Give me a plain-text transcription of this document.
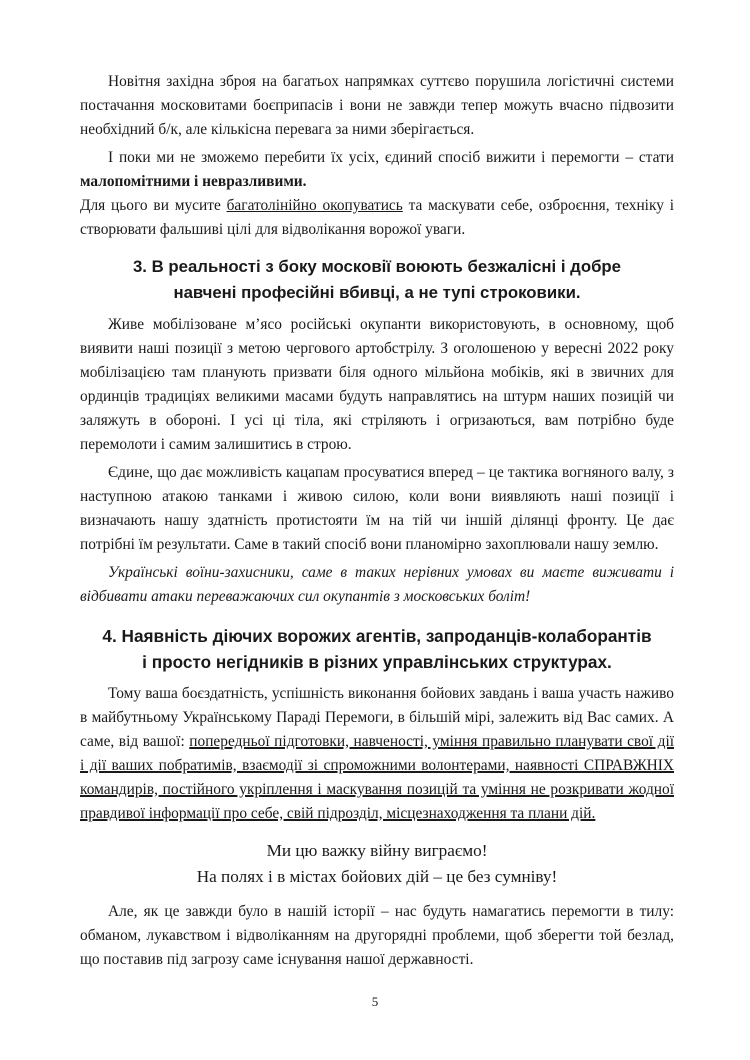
Новітня західна зброя на багатьох напрямках суттєво порушила логістичні системи постачання московитами боєприпасів і вони не завжди тепер можуть вчасно підвозити необхідний б/к, але кількісна перевага за ними зберігається.

І поки ми не зможемо перебити їх усіх, єдиний спосіб вижити і перемогти – стати малопомітними і невразливими.

Для цього ви мусите багатолінійно окопуватись та маскувати себе, озброєння, техніку і створювати фальшиві цілі для відволікання ворожої уваги.

3. В реальності з боку московії воюють безжалісні і добре
навчені професійні вбивці, а не тупі строковики.

Живе мобілізоване м’ясо російські окупанти використовують, в основному, щоб виявити наші позиції з метою чергового артобстрілу. З оголошеною у вересні 2022 року мобілізацією там планують призвати біля одного мільйона мобіків, які в звичних для ординців традиціях великими масами будуть направлятись на штурм наших позицій чи заляжуть в обороні. І усі ці тіла, які стріляють і огризаються, вам потрібно буде перемолоти і самим залишитись в строю.

Єдине, що дає можливість кацапам просуватися вперед – це тактика вогняного валу, з наступною атакою танками і живою силою, коли вони виявляють наші позиції і визначають нашу здатність протистояти їм на тій чи іншій ділянці фронту. Це дає потрібні їм результати. Саме в такий спосіб вони планомірно захоплювали нашу землю.

Українські воїни-захисники, саме в таких нерівних умовах ви маєте виживати і відбивати атаки переважаючих сил окупантів з московських боліт!

4. Наявність діючих ворожих агентів, запроданців-колаборантів
і просто негідників в різних управлінських структурах.

Тому ваша боєздатність, успішність виконання бойових завдань і ваша участь наживо в майбутньому Українському Параді Перемоги, в більшій мірі, залежить від Вас самих. А саме, від вашої: попередньої підготовки, навченості, уміння правильно планувати свої дії і дії ваших побратимів, взаємодії зі спроможними волонтерами, наявності СПРАВЖНІХ командирів, постійного укріплення і маскування позицій та уміння не розкривати жодної правдивої інформації про себе, свій підрозділ, місцезнаходження та плани дій.

Ми цю важку війну виграємо!
На полях і в містах бойових дій – це без сумніву!

Але, як це завжди було в нашій історії – нас будуть намагатись перемогти в тилу: обманом, лукавством і відволіканням на другорядні проблеми, щоб зберегти той безлад, що поставив під загрозу саме існування нашої державності.

5
